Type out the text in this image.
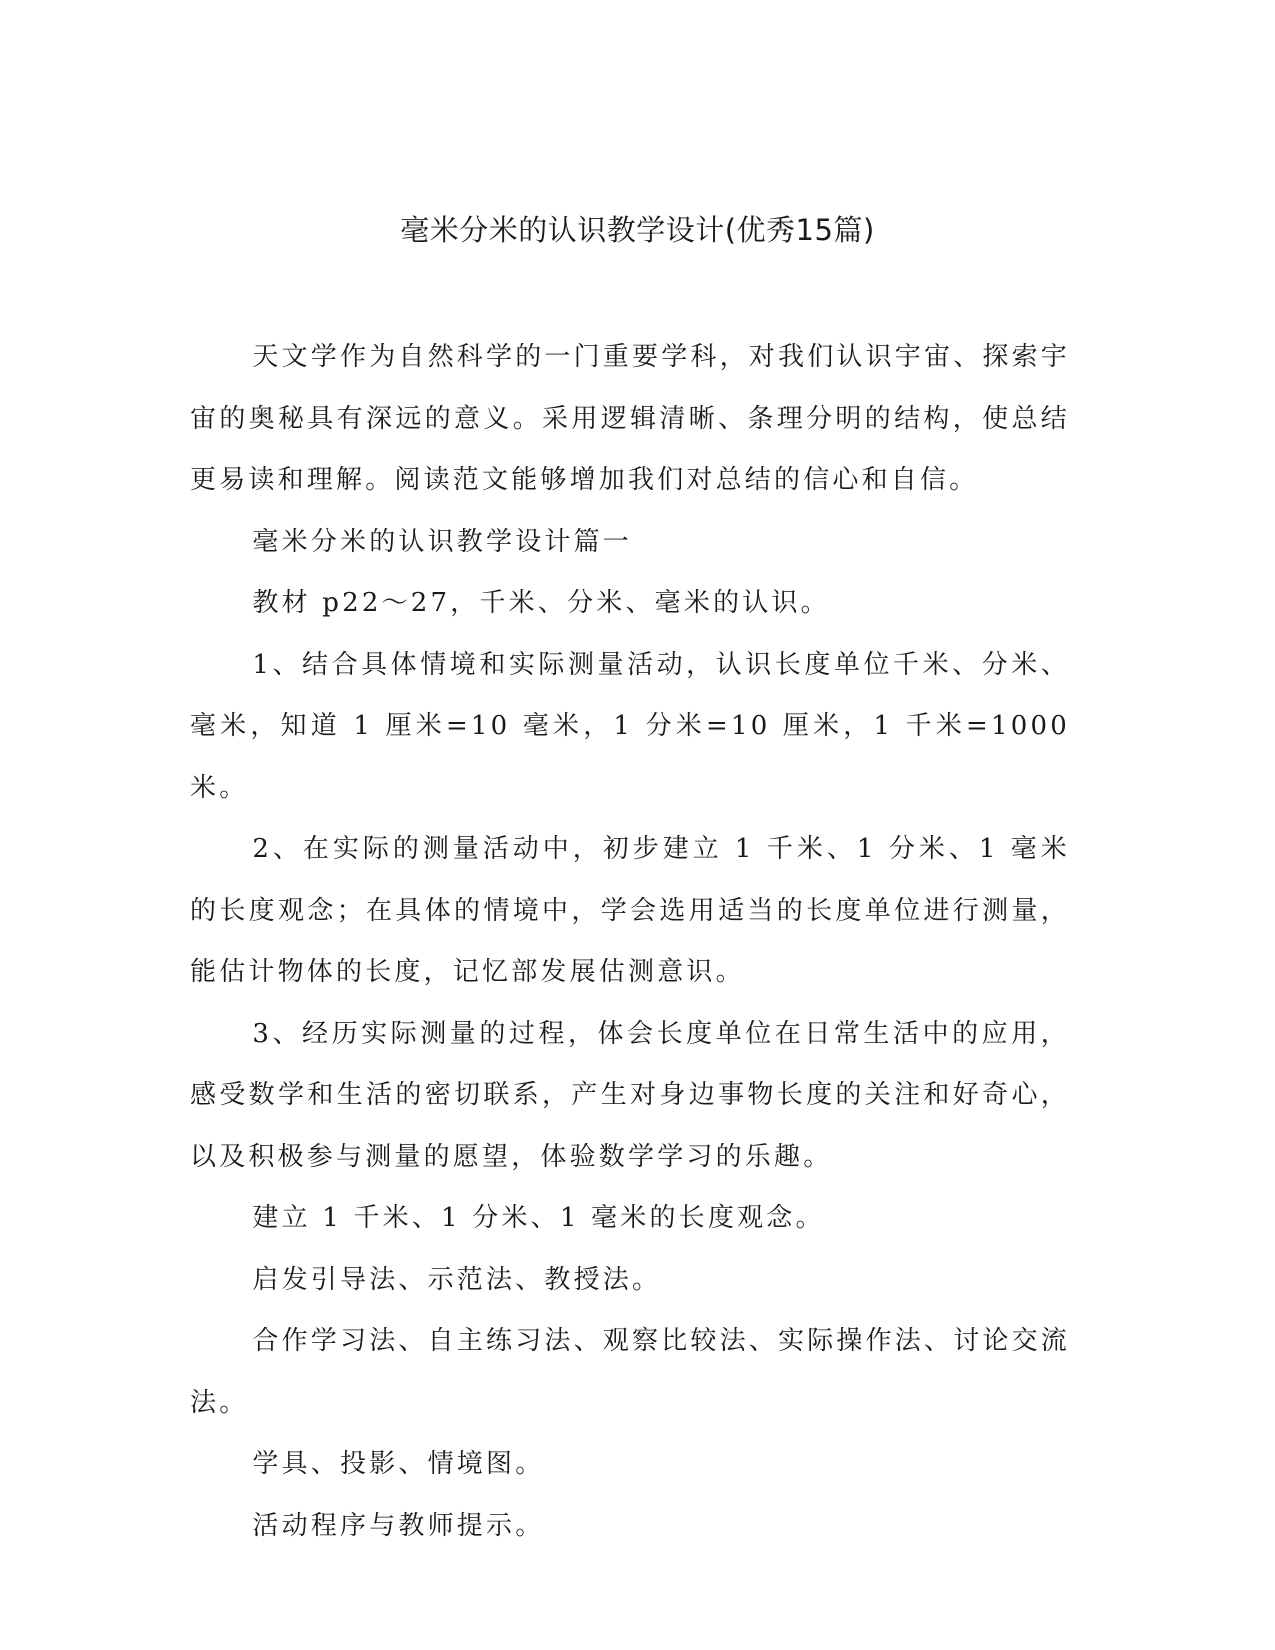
毫米分米的认识教学设计(优秀15篇)

天文学作为自然科学的一门重要学科，对我们认识宇宙、探索宇宙的奥秘具有深远的意义。采用逻辑清晰、条理分明的结构，使总结更易读和理解。阅读范文能够增加我们对总结的信心和自信。

毫米分米的认识教学设计篇一

教材 p22～27，千米、分米、毫米的认识。

1、结合具体情境和实际测量活动，认识长度单位千米、分米、毫米，知道 1 厘米=10 毫米，1 分米=10 厘米，1 千米=1000 米。

2、在实际的测量活动中，初步建立 1 千米、1 分米、1 毫米的长度观念；在具体的情境中，学会选用适当的长度单位进行测量，能估计物体的长度，记忆部发展估测意识。

3、经历实际测量的过程，体会长度单位在日常生活中的应用，感受数学和生活的密切联系，产生对身边事物长度的关注和好奇心，以及积极参与测量的愿望，体验数学学习的乐趣。

建立 1 千米、1 分米、1 毫米的长度观念。

启发引导法、示范法、教授法。

合作学习法、自主练习法、观察比较法、实际操作法、讨论交流法。

学具、投影、情境图。

活动程序与教师提示。
